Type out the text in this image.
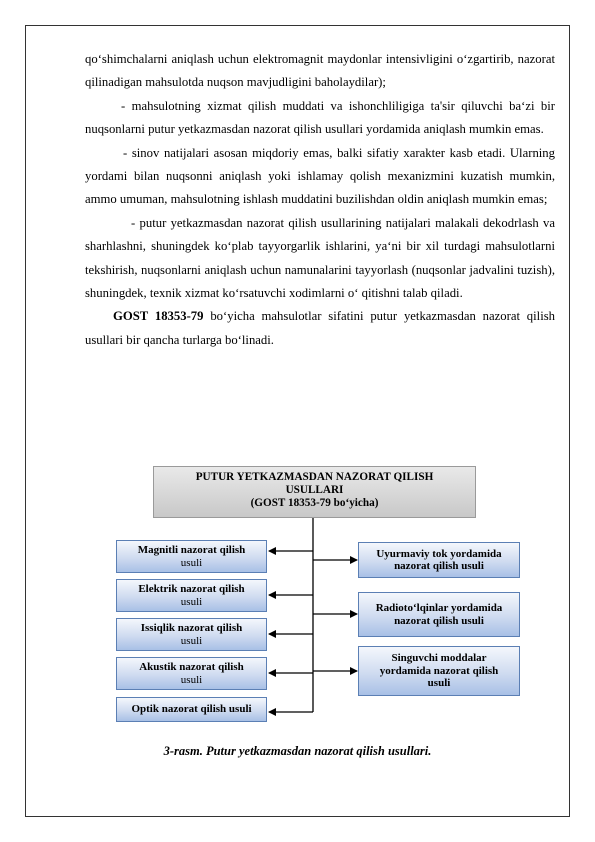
qo‘shimchalarni aniqlash uchun elektromagnit maydonlar intensivligini o‘zgartirib, nazorat qilinadigan mahsulotda nuqson mavjudligini baholaydilar);

- mahsulotning xizmat qilish muddati va ishonchliligiga ta'sir qiluvchi ba‘zi bir nuqsonlarni putur yetkazmasdan nazorat qilish usullari yordamida aniqlash mumkin emas.

- sinov natijalari asosan miqdoriy emas, balki sifatiy xarakter kasb etadi. Ularning yordami bilan nuqsonni aniqlash yoki ishlamay qolish mexanizmini kuzatish mumkin, ammo umuman, mahsulotning ishlash muddatini buzilishdan oldin aniqlash mumkin emas;

- putur yetkazmasdan nazorat qilish usullarining natijalari malakali dekodrlash va sharhlashni, shuningdek ko‘plab tayyorgarlik ishlarini, ya‘ni bir xil turdagi mahsulotlarni tekshirish, nuqsonlarni aniqlash uchun namunalarini tayyorlash (nuqsonlar jadvalini tuzish), shuningdek, texnik xizmat ko‘rsatuvchi xodimlarni o‘ qitishni talab qiladi.

GOST 18353-79 bo‘yicha mahsulotlar sifatini putur yetkazmasdan nazorat qilish usullari bir qancha turlarga bo‘linadi.

PUTUR YETKAZMASDAN NAZORAT QILISH
USULLARI
(GOST 18353-79 bo‘yicha)
Magnitli nazorat qilish
usuli
Elektrik nazorat qilish
usuli
Issiqlik nazorat qilish
usuli
Akustik nazorat qilish
usuli
Optik nazorat qilish usuli
Uyurmaviy tok yordamida
nazorat qilish usuli
Radioto‘lqinlar yordamida
nazorat qilish usuli
Singuvchi moddalar
yordamida nazorat qilish
usuli
3-rasm. Putur yetkazmasdan nazorat qilish usullari.
